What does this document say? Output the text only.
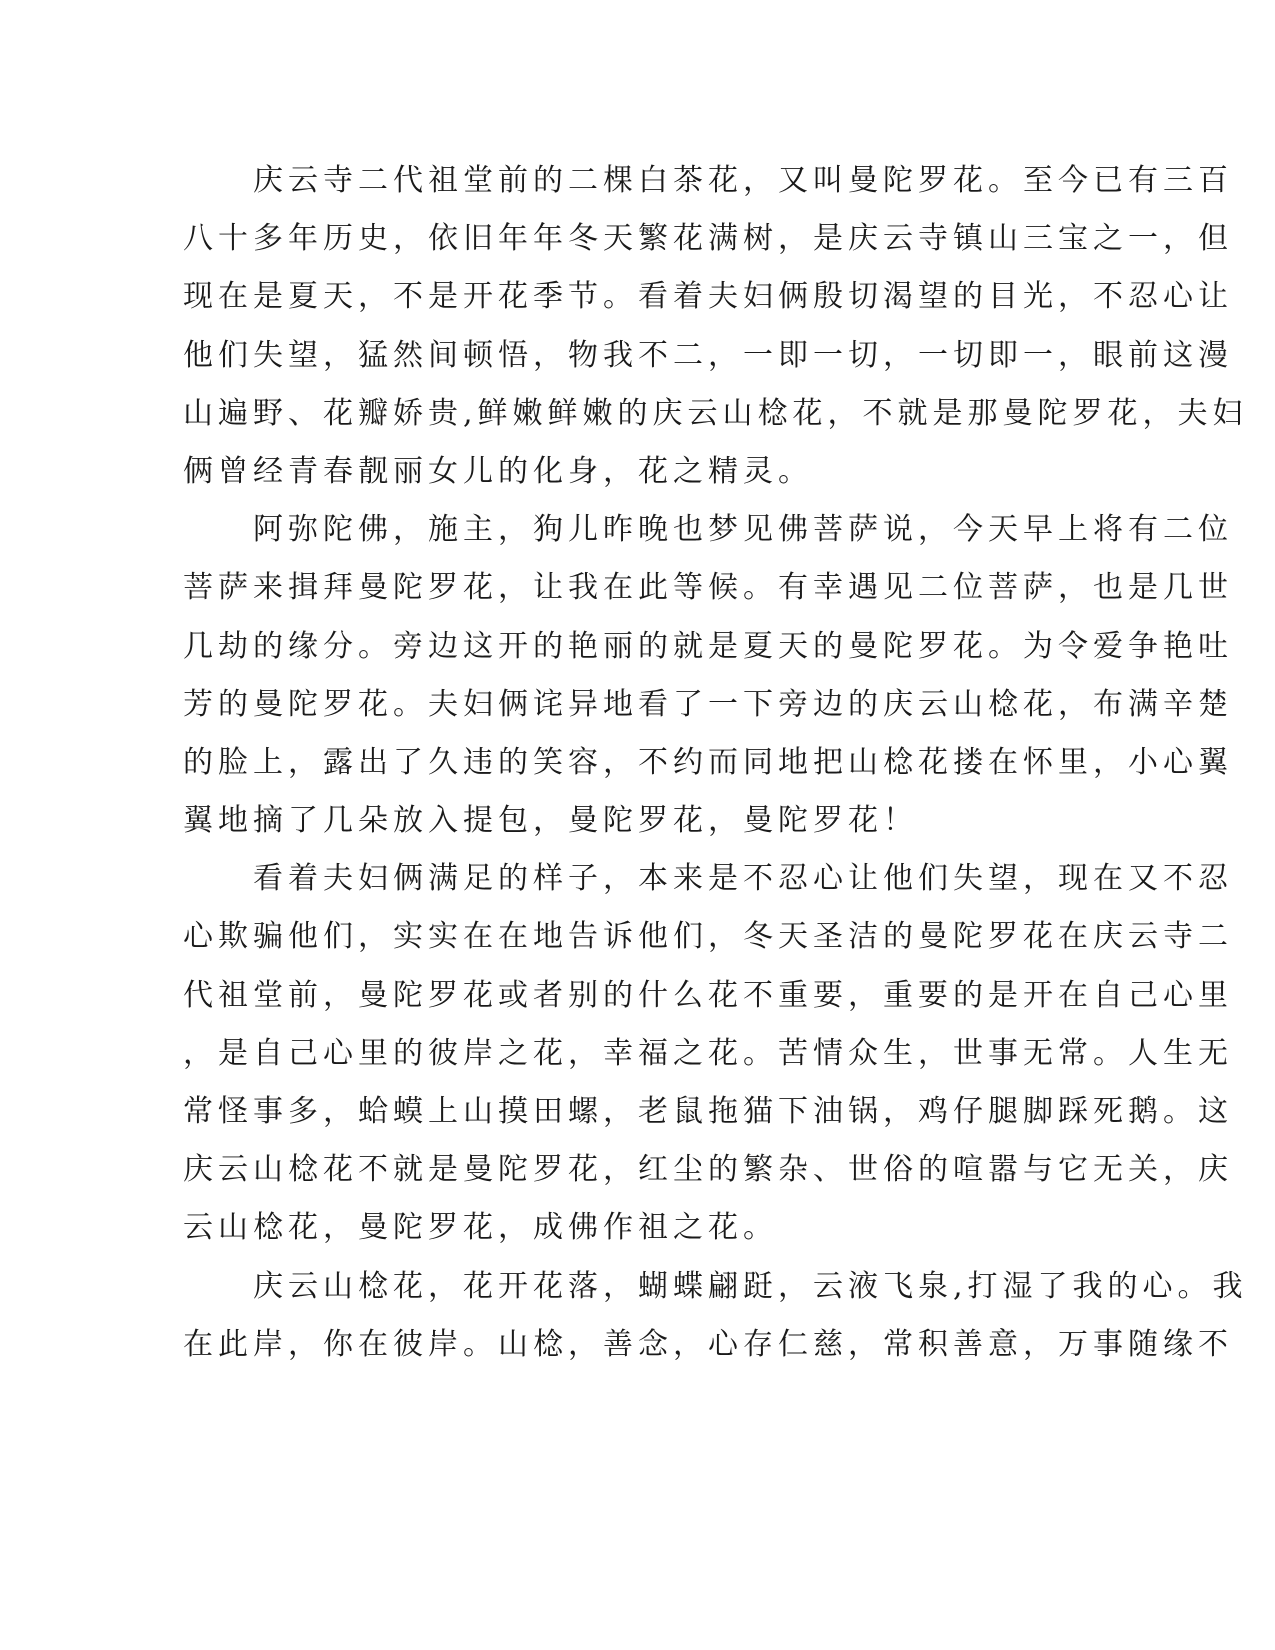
庆云寺二代祖堂前的二棵白茶花，又叫曼陀罗花。至今已有三百
八十多年历史，依旧年年冬天繁花满树，是庆云寺镇山三宝之一，但
现在是夏天，不是开花季节。看着夫妇俩殷切渴望的目光，不忍心让
他们失望，猛然间顿悟，物我不二，一即一切，一切即一，眼前这漫
山遍野、花瓣娇贵,鲜嫩鲜嫩的庆云山棯花，不就是那曼陀罗花，夫妇
俩曾经青春靓丽女儿的化身，花之精灵。
阿弥陀佛，施主，狗儿昨晚也梦见佛菩萨说，今天早上将有二位
菩萨来揖拜曼陀罗花，让我在此等候。有幸遇见二位菩萨，也是几世
几劫的缘分。旁边这开的艳丽的就是夏天的曼陀罗花。为令爱争艳吐
芳的曼陀罗花。夫妇俩诧异地看了一下旁边的庆云山棯花，布满辛楚
的脸上，露出了久违的笑容，不约而同地把山棯花搂在怀里，小心翼
翼地摘了几朵放入提包，曼陀罗花，曼陀罗花！
看着夫妇俩满足的样子，本来是不忍心让他们失望，现在又不忍
心欺骗他们，实实在在地告诉他们，冬天圣洁的曼陀罗花在庆云寺二
代祖堂前，曼陀罗花或者别的什么花不重要，重要的是开在自己心里
，是自己心里的彼岸之花，幸福之花。苦情众生，世事无常。人生无
常怪事多，蛤蟆上山摸田螺，老鼠拖猫下油锅，鸡仔腿脚踩死鹅。这
庆云山棯花不就是曼陀罗花，红尘的繁杂、世俗的喧嚣与它无关，庆
云山棯花，曼陀罗花，成佛作祖之花。
庆云山棯花，花开花落，蝴蝶翩跹，云液飞泉,打湿了我的心。我
在此岸，你在彼岸。山棯，善念，心存仁慈，常积善意，万事随缘不
